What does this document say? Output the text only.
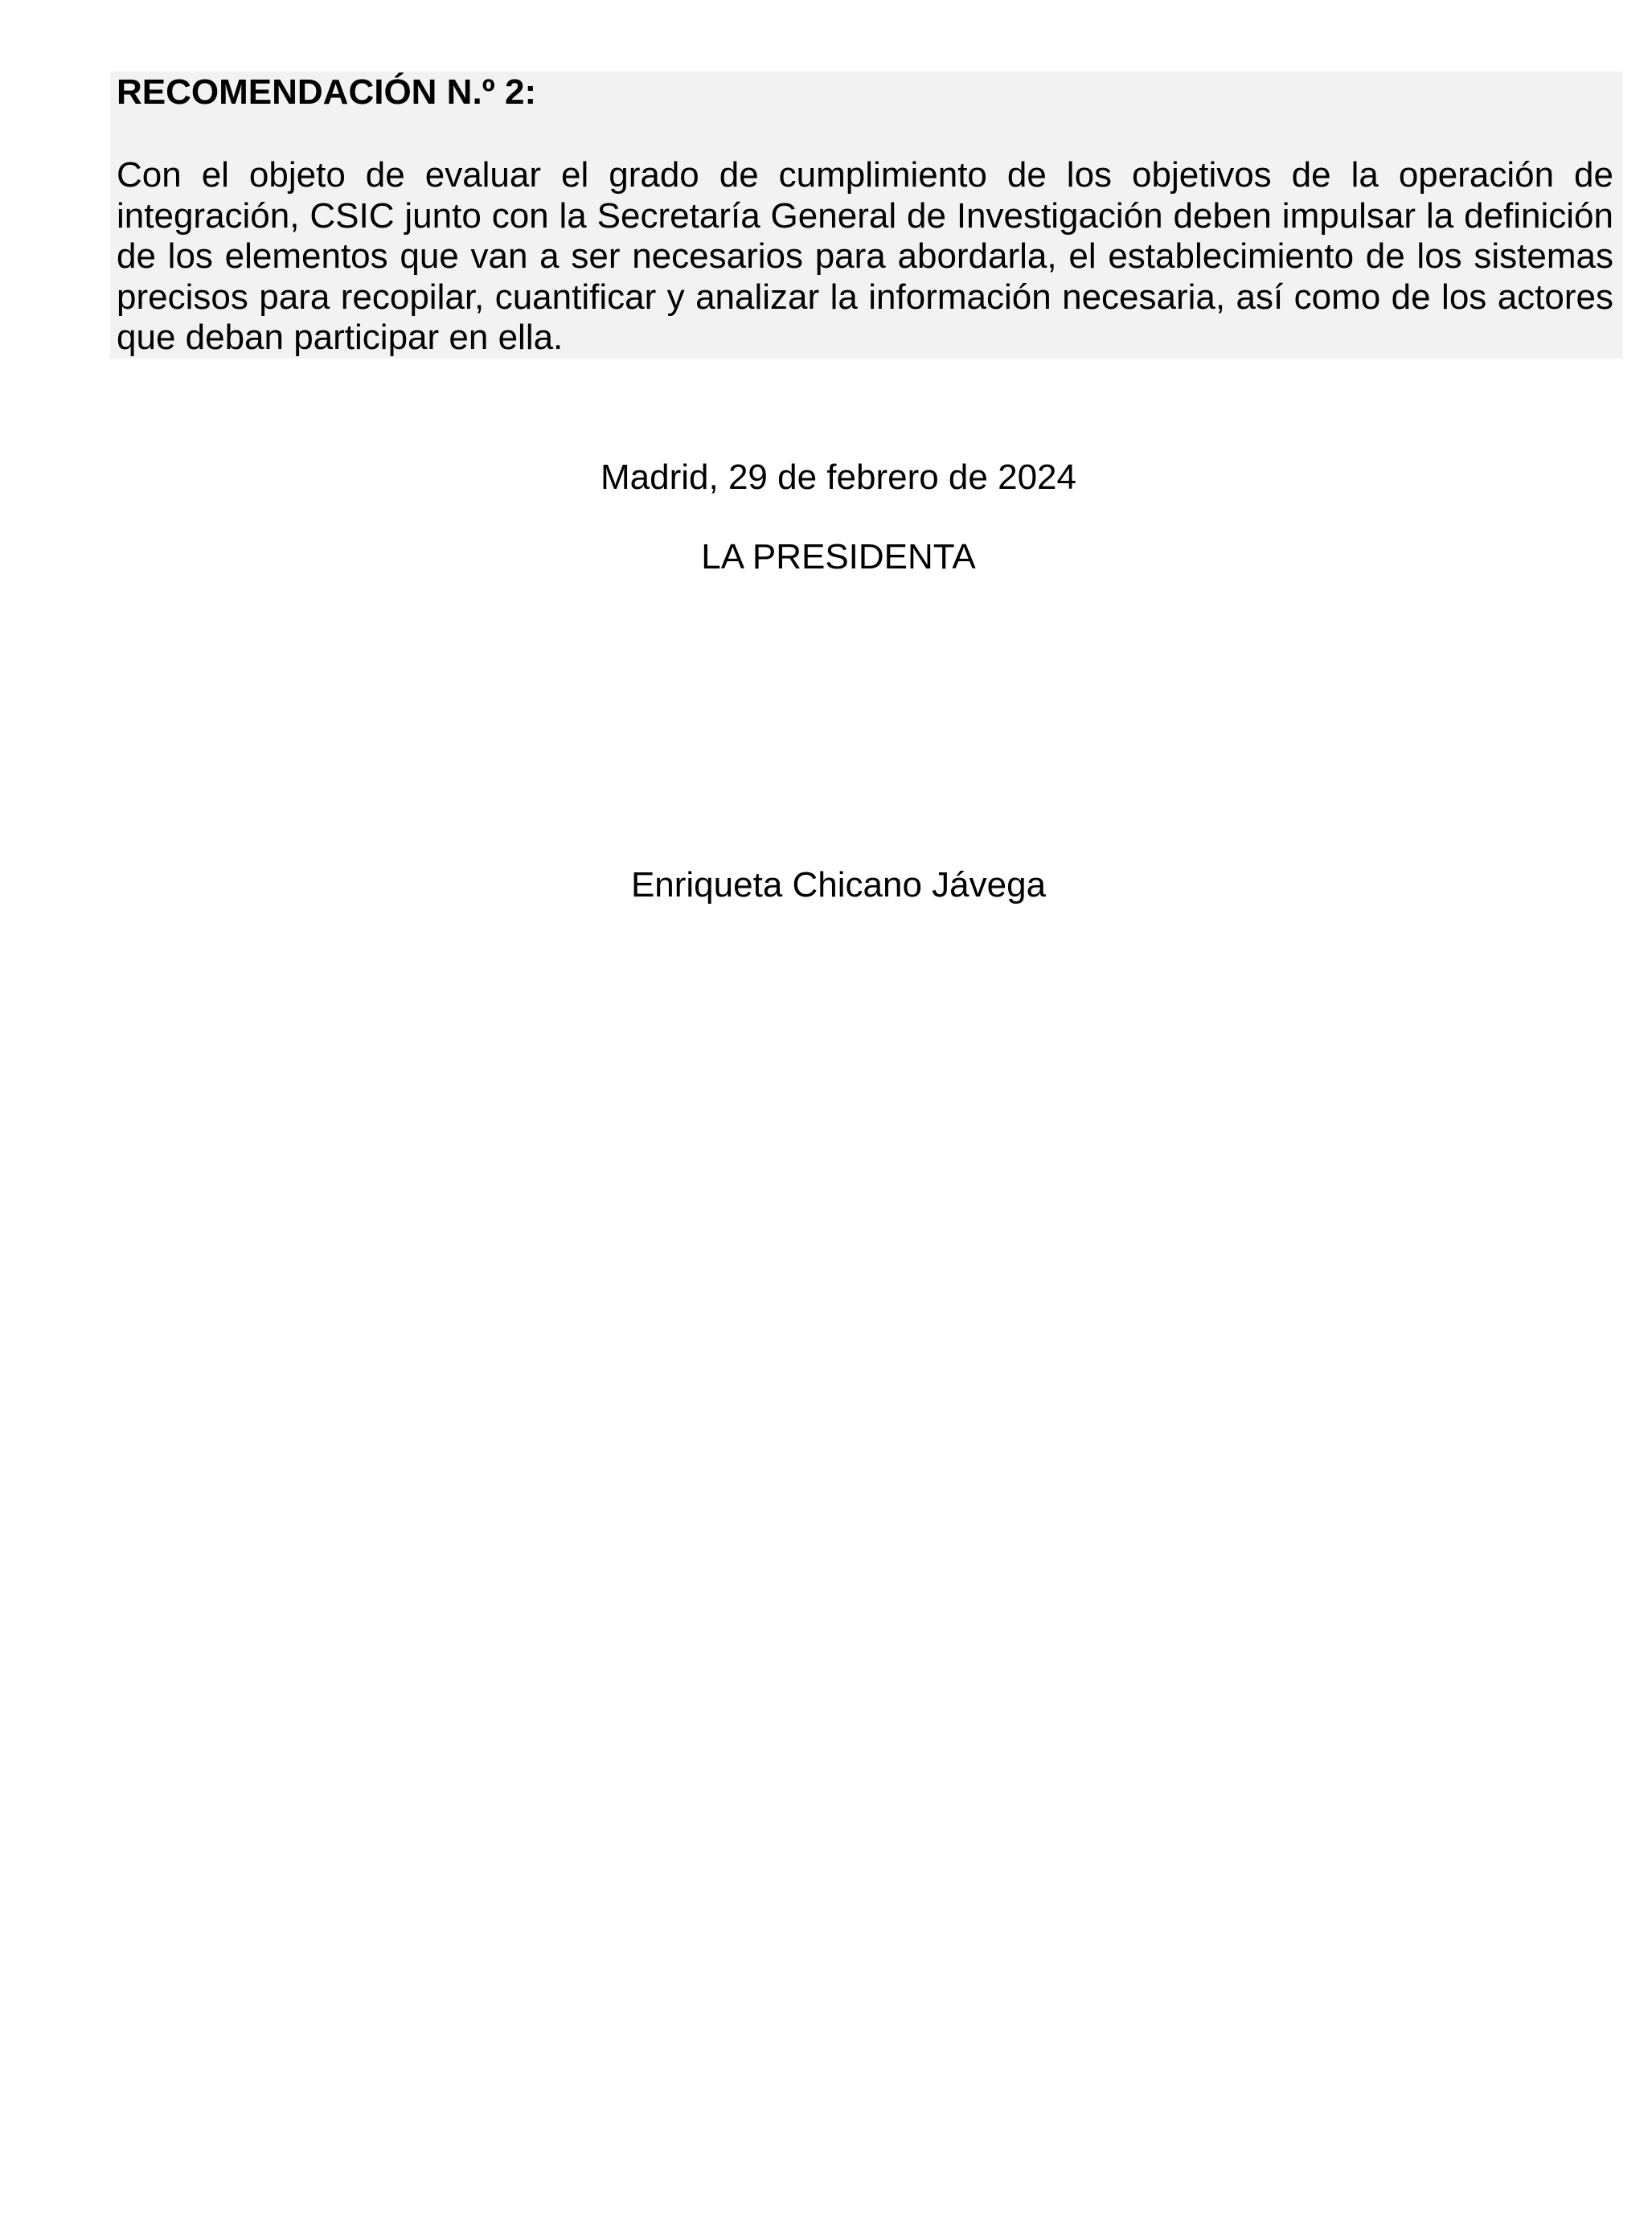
RECOMENDACIÓN N.º 2:

Con el objeto de evaluar el grado de cumplimiento de los objetivos de la operación de integración, CSIC junto con la Secretaría General de Investigación deben impulsar la definición de los elementos que van a ser necesarios para abordarla, el establecimiento de los sistemas precisos para recopilar, cuantificar y analizar la información necesaria, así como de los actores que deban participar en ella.

Madrid, 29 de febrero de 2024

LA PRESIDENTA

Enriqueta Chicano Jávega
